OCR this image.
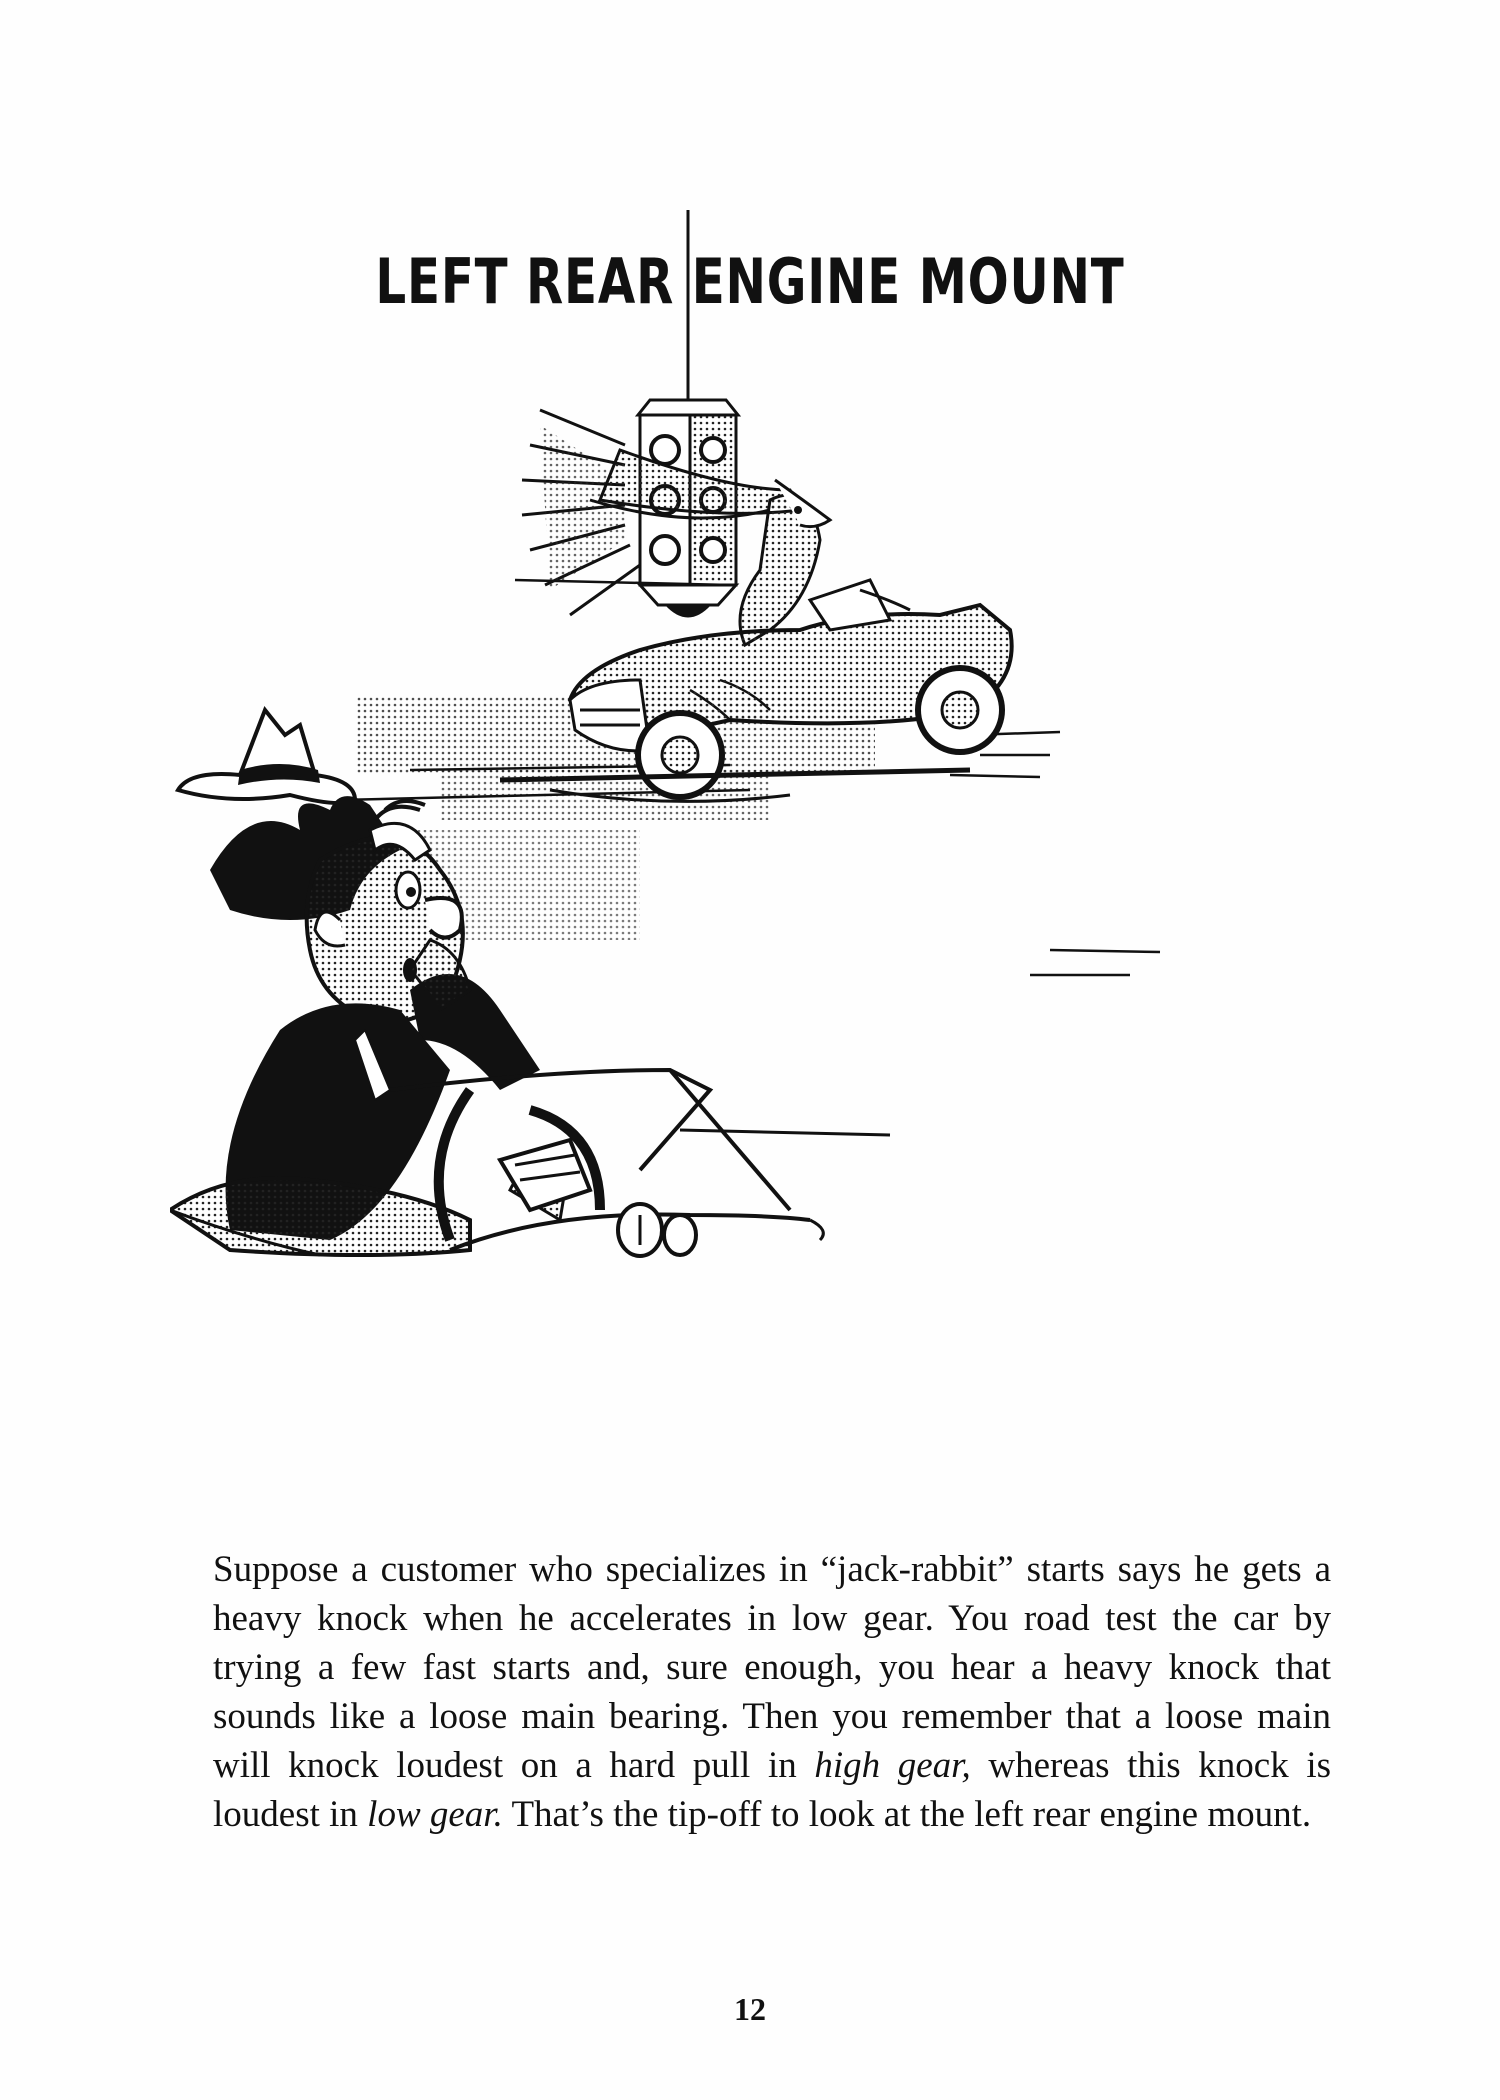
LEFT REAR ENGINE MOUNT

Suppose a customer who specializes in “jack-rabbit” starts says he gets a heavy knock when he accelerates in low gear. You road test the car by trying a few fast starts and, sure enough, you hear a heavy knock that sounds like a loose main bearing. Then you remember that a loose main will knock loudest on a hard pull in high gear, whereas this knock is loudest in low gear. That’s the tip-off to look at the left rear engine mount.

12
